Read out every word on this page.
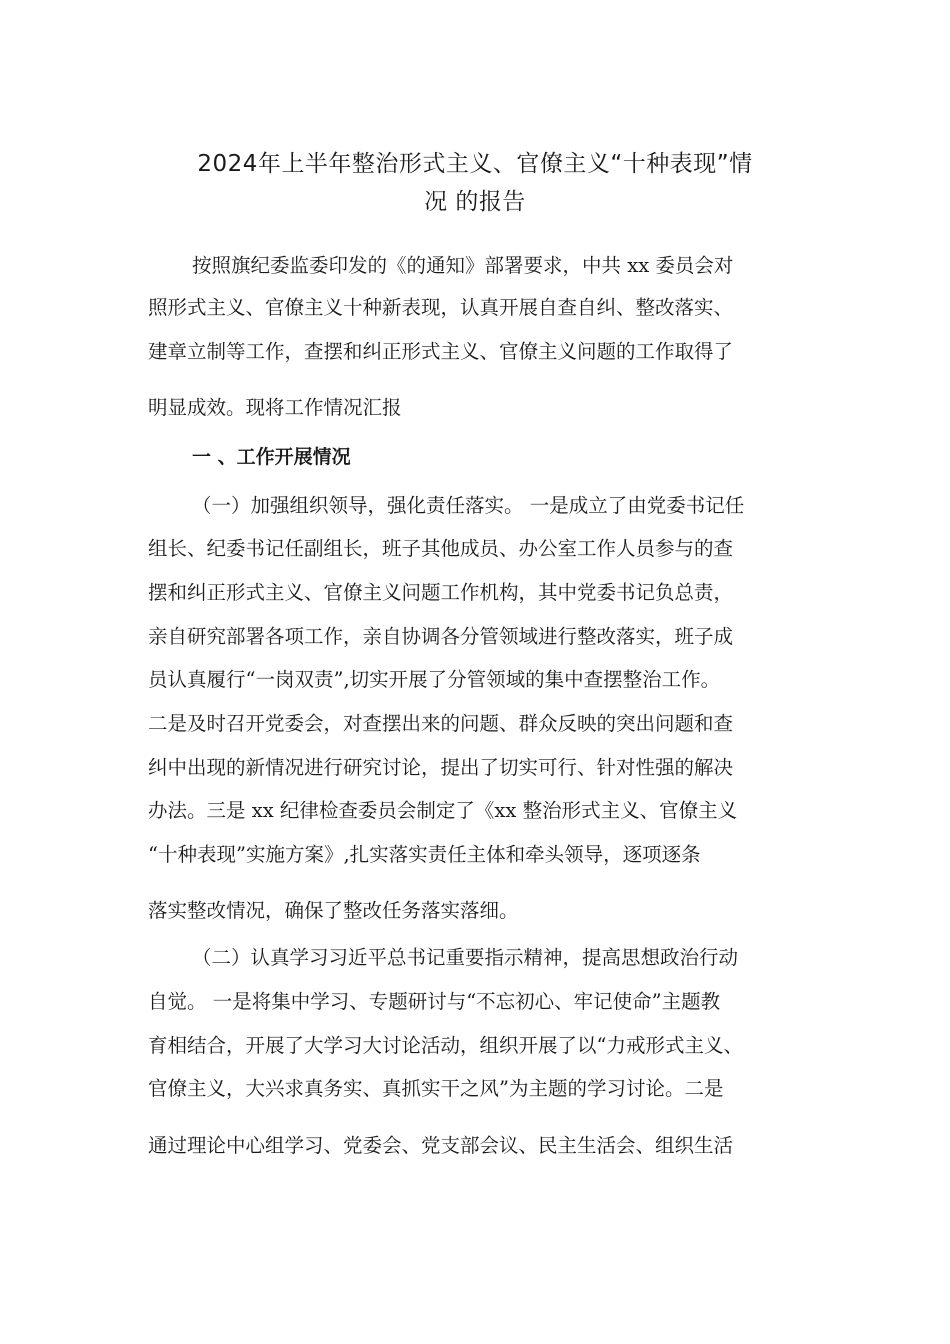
2024年上半年整治形式主义、官僚主义“十种表现”情
况 的报告

按照旗纪委监委印发的《的通知》部署要求，中共 xx 委员会对

照形式主义、官僚主义十种新表现，认真开展自查自纠、整改落实、

建章立制等工作，查摆和纠正形式主义、官僚主义问题的工作取得了

明显成效。现将工作情况汇报

一 、工作开展情况

（一）加强组织领导，强化责任落实。 一是成立了由党委书记任

组长、纪委书记任副组长，班子其他成员、办公室工作人员参与的查

摆和纠正形式主义、官僚主义问题工作机构，其中党委书记负总责，

亲自研究部署各项工作，亲自协调各分管领域进行整改落实，班子成

员认真履行“一岗双责”,切实开展了分管领域的集中查摆整治工作。

二是及时召开党委会，对查摆出来的问题、群众反映的突出问题和查

纠中出现的新情况进行研究讨论，提出了切实可行、针对性强的解决

办法。三是 xx 纪律检查委员会制定了《xx 整治形式主义、官僚主义

“十种表现”实施方案》,扎实落实责任主体和牵头领导，逐项逐条

落实整改情况，确保了整改任务落实落细。

（二）认真学习习近平总书记重要指示精神，提高思想政治行动

自觉。 一是将集中学习、专题研讨与“不忘初心、牢记使命”主题教

育相结合，开展了大学习大讨论活动，组织开展了以“力戒形式主义、

官僚主义，大兴求真务实、真抓实干之风”为主题的学习讨论。二是

通过理论中心组学习、党委会、党支部会议、民主生活会、组织生活
